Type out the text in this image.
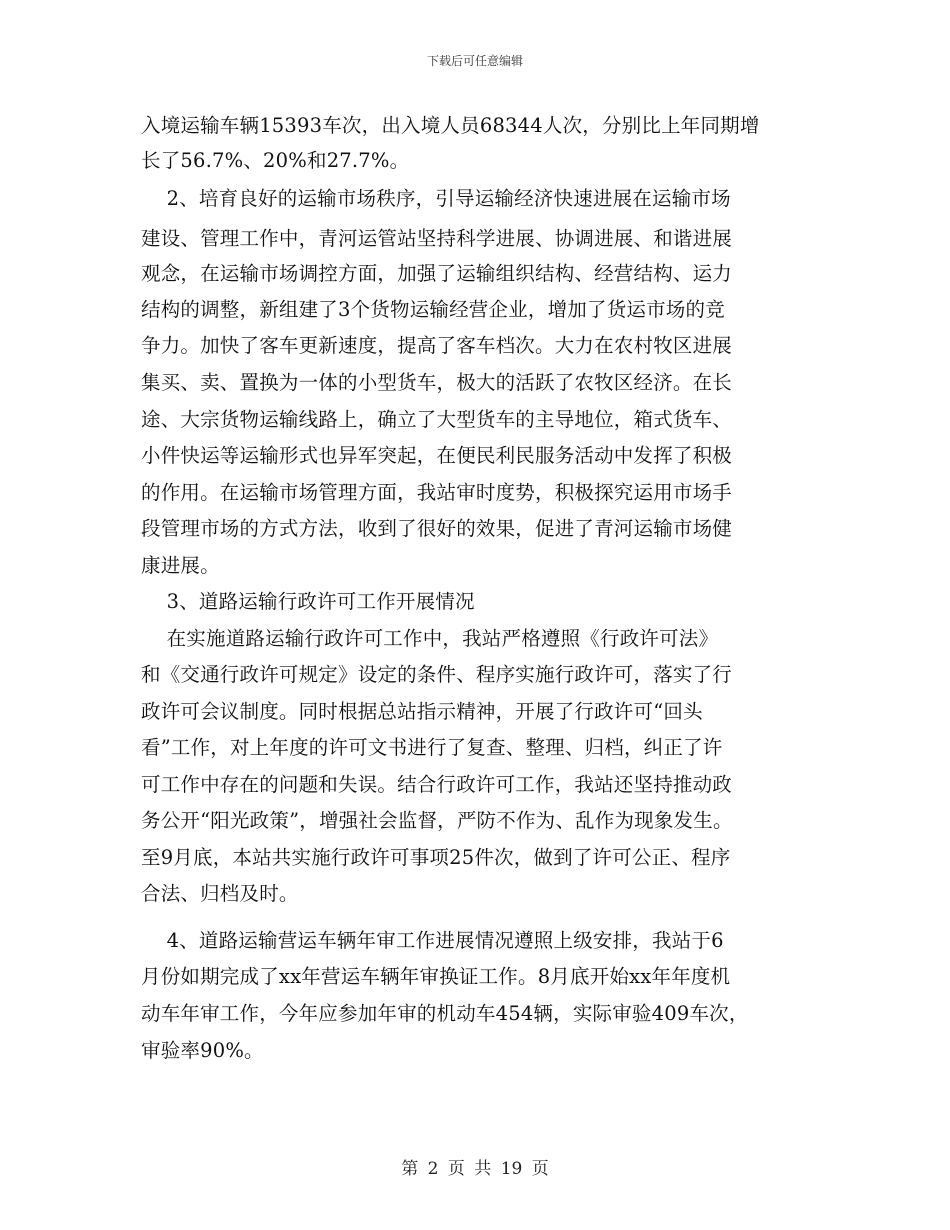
下载后可任意编辑
入境运输车辆15393车次，出入境人员68344人次，分别比上年同期增
长了56.7%、20%和27.7%。
2、培育良好的运输市场秩序，引导运输经济快速进展在运输市场
建设、管理工作中，青河运管站坚持科学进展、协调进展、和谐进展
观念，在运输市场调控方面，加强了运输组织结构、经营结构、运力
结构的调整，新组建了3个货物运输经营企业，增加了货运市场的竞
争力。加快了客车更新速度，提高了客车档次。大力在农村牧区进展
集买、卖、置换为一体的小型货车，极大的活跃了农牧区经济。在长
途、大宗货物运输线路上，确立了大型货车的主导地位，箱式货车、
小件快运等运输形式也异军突起，在便民利民服务活动中发挥了积极
的作用。在运输市场管理方面，我站审时度势，积极探究运用市场手
段管理市场的方式方法，收到了很好的效果，促进了青河运输市场健
康进展。
3、道路运输行政许可工作开展情况
在实施道路运输行政许可工作中，我站严格遵照《行政许可法》
和《交通行政许可规定》设定的条件、程序实施行政许可，落实了行
政许可会议制度。同时根据总站指示精神，开展了行政许可“回头
看”工作，对上年度的许可文书进行了复查、整理、归档，纠正了许
可工作中存在的问题和失误。结合行政许可工作，我站还坚持推动政
务公开“阳光政策”，增强社会监督，严防不作为、乱作为现象发生。
至9月底，本站共实施行政许可事项25件次，做到了许可公正、程序
合法、归档及时。
4、道路运输营运车辆年审工作进展情况遵照上级安排，我站于6
月份如期完成了xx年营运车辆年审换证工作。8月底开始xx年年度机
动车年审工作，今年应参加年审的机动车454辆，实际审验409车次，
审验率90%。
第 2 页 共 19 页
